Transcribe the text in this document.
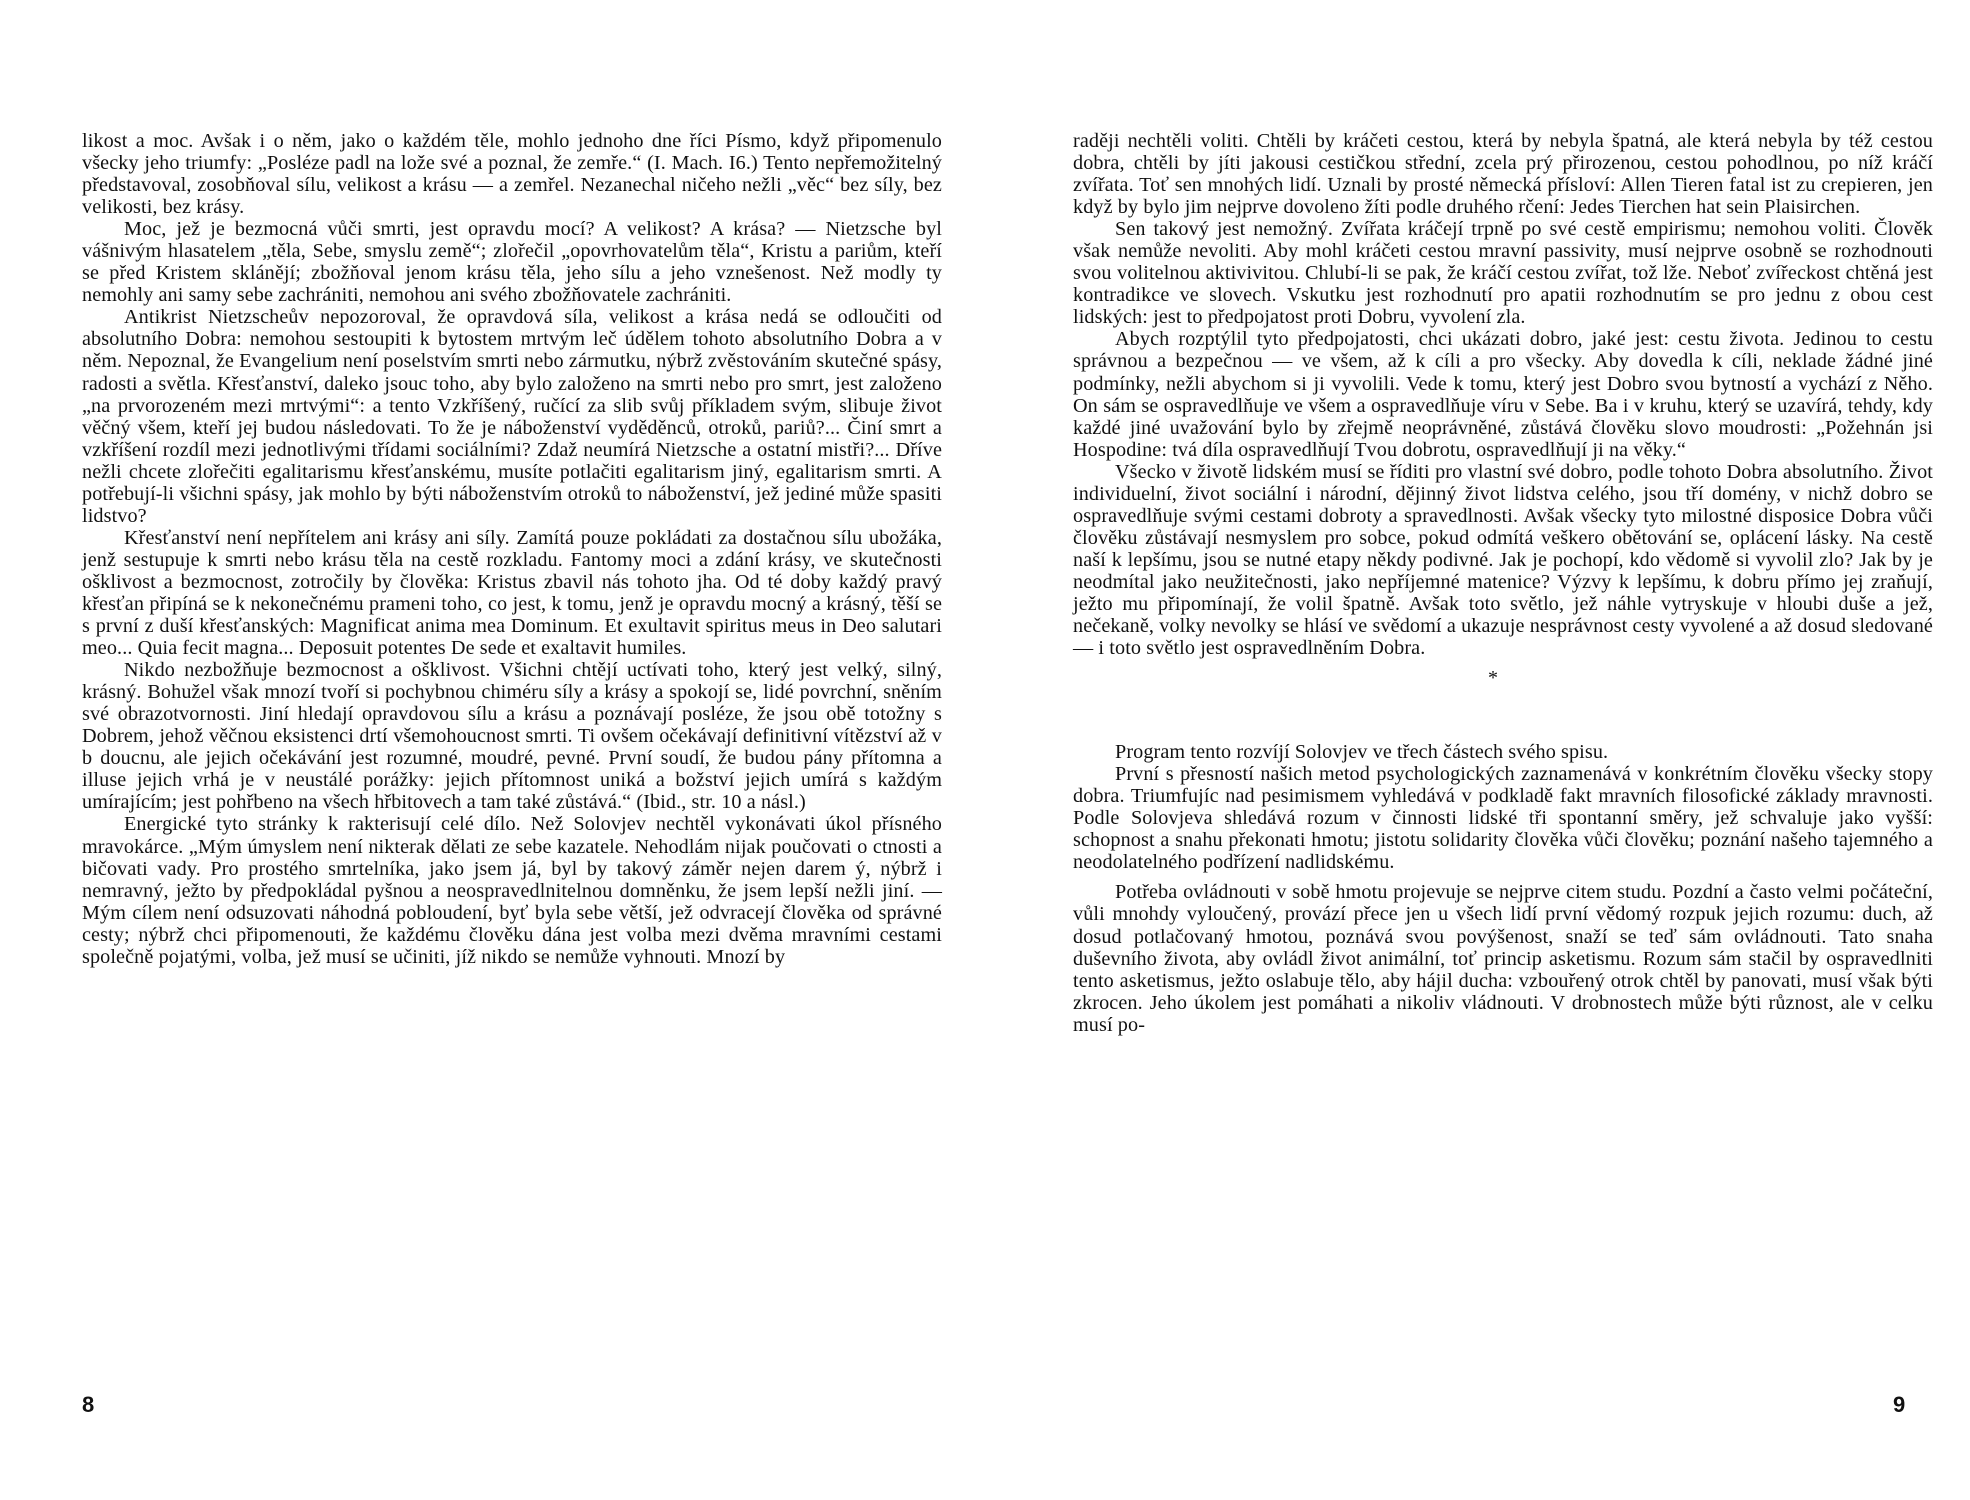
likost a moc. Avšak i o něm, jako o každém těle, mohlo jednoho dne říci Písmo, když připomenulo všecky jeho triumfy: „Posléze padl na lože své a poznal, že zemře.“ (I. Mach. I6.) Tento nepřemožitelný představoval, zosobňoval sílu, velikost a krásu — a zemřel. Nezanechal ničeho nežli „věc“ bez síly, bez velikosti, bez krásy.

Moc, jež je bezmocná vůči smrti, jest opravdu mocí? A velikost? A krása? — Nietzsche byl vášnivým hlasatelem „těla, Sebe, smyslu země“; zlořečil „opovrhovatelům těla“, Kristu a pariům, kteří se před Kristem sklánějí; zbožňoval jenom krásu těla, jeho sílu a jeho vznešenost. Než modly ty nemohly ani samy sebe zachrániti, nemohou ani svého zbožňovatele zachrániti.

Antikrist Nietzscheův nepozoroval, že opravdová síla, velikost a krása nedá se odloučiti od absolutního Dobra: nemohou sestoupiti k bytostem mrtvým leč údělem tohoto absolutního Dobra a v něm. Nepoznal, že Evangelium není poselstvím smrti nebo zármutku, nýbrž zvěstováním skutečné spásy, radosti a světla. Křesťanství, daleko jsouc toho, aby bylo založeno na smrti nebo pro smrt, jest založeno „na prvorozeném mezi mrtvými“: a tento Vzkříšený, ručící za slib svůj příkladem svým, slibuje život věčný všem, kteří jej budou následovati. To že je náboženství vyděděnců, otroků, pariů?... Činí smrt a vzkříšení rozdíl mezi jednotlivými třídami sociálními? Zdaž neumírá Nietzsche a ostatní mistři?... Dříve nežli chcete zlořečiti egalitarismu křesťanskému, musíte potlačiti egalitarism jiný, egalitarism smrti. A potřebují-li všichni spásy, jak mohlo by býti náboženstvím otroků to náboženství, jež jediné může spasiti lidstvo?

Křesťanství není nepřítelem ani krásy ani síly. Zamítá pouze pokládati za dostačnou sílu ubožáka, jenž sestupuje k smrti nebo krásu těla na cestě rozkladu. Fantomy moci a zdání krásy, ve skutečnosti ošklivost a bezmocnost, zotročily by člověka: Kristus zbavil nás tohoto jha. Od té doby každý pravý křesťan připíná se k nekonečnému prameni toho, co jest, k tomu, jenž je opravdu mocný a krásný, těší se s první z duší křesťanských: Magnificat anima mea Dominum. Et exultavit spiritus meus in Deo salutari meo... Quia fecit magna... Deposuit potentes De sede et exaltavit humiles.

Nikdo nezbožňuje bezmocnost a ošklivost. Všichni chtějí uctívati toho, který jest velký, silný, krásný. Bohužel však mnozí tvoří si pochybnou chiméru síly a krásy a spokojí se, lidé povrchní, sněním své obrazotvornosti. Jiní hledají opravdovou sílu a krásu a poznávají posléze, že jsou obě totožny s Dobrem, jehož věčnou eksistenci drtí všemohoucnost smrti. Ti ovšem očekávají definitivní vítězství až v b doucnu, ale jejich očekávání jest rozumné, moudré, pevné. První soudí, že budou pány přítomna a illuse jejich vrhá je v neustálé porážky: jejich přítomnost uniká a božství jejich umírá s každým umírajícím; jest pohřbeno na všech hřbitovech a tam také zůstává.“ (Ibid., str. 10 a násl.)

Energické tyto stránky k rakterisují celé dílo. Než Solovjev nechtěl vykonávati úkol přísného mravokárce. „Mým úmyslem není nikterak dělati ze sebe kazatele. Nehodlám nijak poučovati o ctnosti a bičovati vady. Pro prostého smrtelníka, jako jsem já, byl by takový záměr nejen darem ý, nýbrž i nemravný, ježto by předpokládal pyšnou a neospravedlnitelnou domněnku, že jsem lepší nežli jiní. — Mým cílem není odsuzovati náhodná pobloudení, byť byla sebe větší, jež odvracejí člověka od správné cesty; nýbrž chci připomenouti, že každému člověku dána jest volba mezi dvěma mravními cestami společně pojatými, volba, jež musí se učiniti, jíž nikdo se nemůže vyhnouti. Mnozí by

raději nechtěli voliti. Chtěli by kráčeti cestou, která by nebyla špatná, ale která nebyla by též cestou dobra, chtěli by jíti jakousi cestičkou střední, zcela prý přirozenou, cestou pohodlnou, po níž kráčí zvířata. Toť sen mnohých lidí. Uznali by prosté německá přísloví: Allen Tieren fatal ist zu crepieren, jen když by bylo jim nejprve dovoleno žíti podle druhého rčení: Jedes Tierchen hat sein Plaisirchen.

Sen takový jest nemožný. Zvířata kráčejí trpně po své cestě empirismu; nemohou voliti. Člověk však nemůže nevoliti. Aby mohl kráčeti cestou mravní passivity, musí nejprve osobně se rozhodnouti svou volitelnou aktivivitou. Chlubí-li se pak, že kráčí cestou zvířat, tož lže. Neboť zvířeckost chtěná jest kontradikce ve slovech. Vskutku jest rozhodnutí pro apatii rozhodnutím se pro jednu z obou cest lidských: jest to předpojatost proti Dobru, vyvolení zla.

Abych rozptýlil tyto předpojatosti, chci ukázati dobro, jaké jest: cestu života. Jedinou to cestu správnou a bezpečnou — ve všem, až k cíli a pro všecky. Aby dovedla k cíli, neklade žádné jiné podmínky, nežli abychom si ji vyvolili. Vede k tomu, který jest Dobro svou bytností a vychází z Něho. On sám se ospravedlňuje ve všem a ospravedlňuje víru v Sebe. Ba i v kruhu, který se uzavírá, tehdy, kdy každé jiné uvažování bylo by zřejmě neoprávněné, zůstává člověku slovo moudrosti: „Požehnán jsi Hospodine: tvá díla ospravedlňují Tvou dobrotu, ospravedlňují ji na věky.“

Všecko v životě lidském musí se říditi pro vlastní své dobro, podle tohoto Dobra absolutního. Život individuelní, život sociální i národní, dějinný život lidstva celého, jsou tří domény, v nichž dobro se ospravedlňuje svými cestami dobroty a spravedlnosti. Avšak všecky tyto milostné disposice Dobra vůči člověku zůstávají nesmyslem pro sobce, pokud odmítá veškero obětování se, oplácení lásky. Na cestě naší k lepšímu, jsou se nutné etapy někdy podivné. Jak je pochopí, kdo vědomě si vyvolil zlo? Jak by je neodmítal jako neužitečnosti, jako nepříjemné matenice? Výzvy k lepšímu, k dobru přímo jej zraňují, ježto mu připomínají, že volil špatně. Avšak toto světlo, jež náhle vytryskuje v hloubi duše a jež, nečekaně, volky nevolky se hlásí ve svědomí a ukazuje nesprávnost cesty vyvolené a až dosud sledované — i toto světlo jest ospravedlněním Dobra.

*

Program tento rozvíjí Solovjev ve třech částech svého spisu.

První s přesností našich metod psychologických zaznamenává v konkrétním člověku všecky stopy dobra. Triumfujíc nad pesimismem vyhledává v podkladě fakt mravních filosofické základy mravnosti. Podle Solovjeva shledává rozum v činnosti lidské tři spontanní směry, jež schvaluje jako vyšší: schopnost a snahu překonati hmotu; jistotu solidarity člověka vůči člověku; poznání našeho tajemného a neodolatelného podřízení nadlidskému.

Potřeba ovládnouti v sobě hmotu projevuje se nejprve citem studu. Pozdní a často velmi počáteční, vůli mnohdy vyloučený, provází přece jen u všech lidí první vědomý rozpuk jejich rozumu: duch, až dosud potlačovaný hmotou, poznává svou povýšenost, snaží se teď sám ovládnouti. Tato snaha duševního života, aby ovládl život animální, toť princip asketismu. Rozum sám stačil by ospravedlniti tento asketismus, ježto oslabuje tělo, aby hájil ducha: vzbouřený otrok chtěl by panovati, musí však býti zkrocen. Jeho úkolem jest pomáhati a nikoliv vládnouti. V drobnostech může býti různost, ale v celku musí po-

8	9
